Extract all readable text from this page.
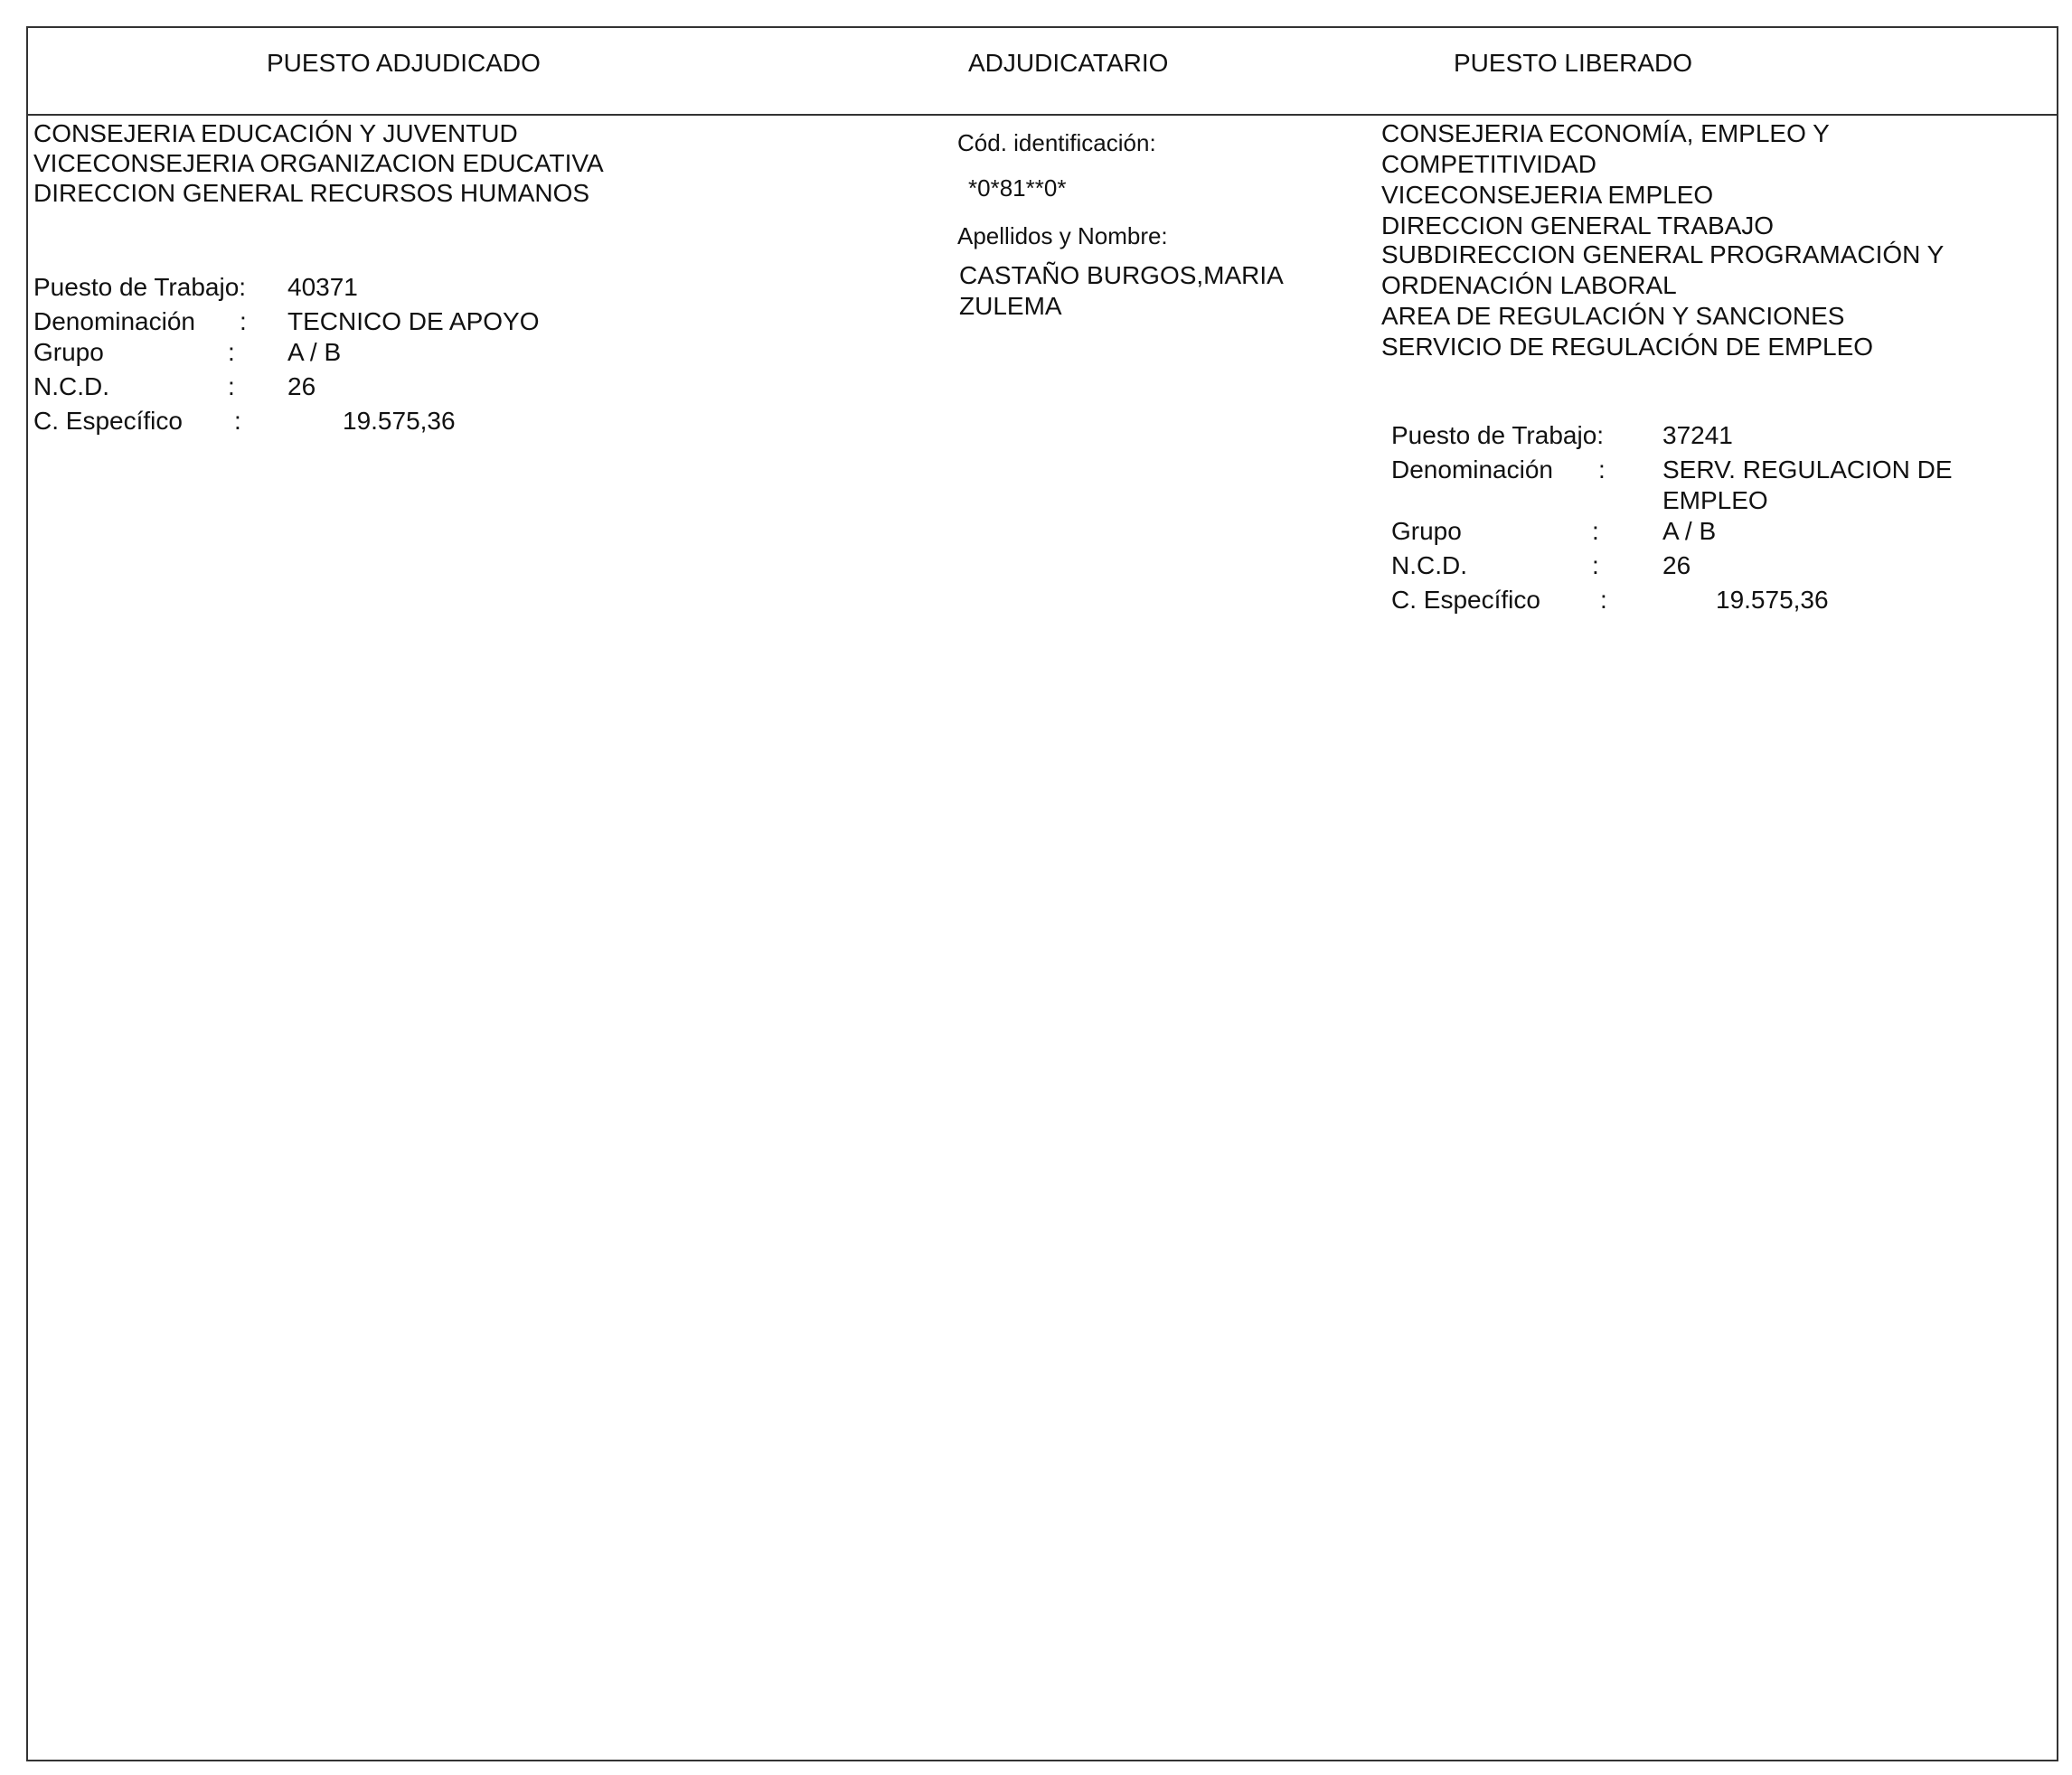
PUESTO ADJUDICADO	ADJUDICATARIO	PUESTO LIBERADO
CONSEJERIA EDUCACIÓN Y JUVENTUD
VICECONSEJERIA ORGANIZACION EDUCATIVA
DIRECCION GENERAL RECURSOS HUMANOS
Puesto de Trabajo: 40371
Denominación : TECNICO DE APOYO
Grupo	: A / B
N.C.D.	: 26
C. Específico :	19.575,36
Cód. identificación:
*0*81**0*
Apellidos y Nombre:
CASTAÑO BURGOS,MARIA
ZULEMA
CONSEJERIA ECONOMÍA, EMPLEO Y
COMPETITIVIDAD
VICECONSEJERIA EMPLEO
DIRECCION GENERAL TRABAJO
SUBDIRECCION GENERAL PROGRAMACIÓN Y
ORDENACIÓN LABORAL
AREA DE REGULACIÓN Y SANCIONES
SERVICIO DE REGULACIÓN DE EMPLEO
Puesto de Trabajo: 37241
Denominación : SERV. REGULACION DE
EMPLEO
Grupo	:	A / B
N.C.D.	:	26
C. Específico :	19.575,36
